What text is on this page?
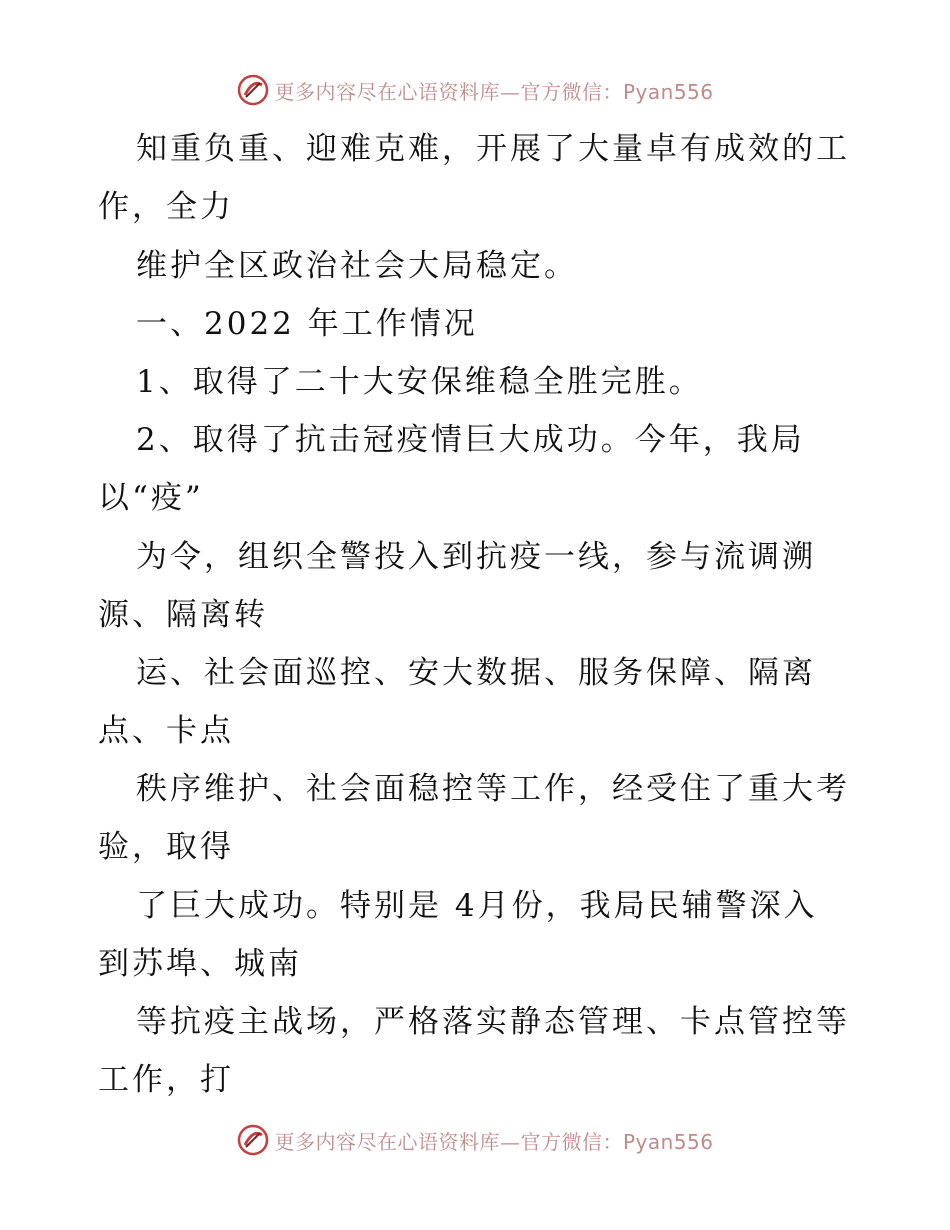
更多内容尽在心语资料库—官方微信：Pyan556
知重负重、迎难克难，开展了大量卓有成效的工
作，全力
维护全区政治社会大局稳定。
一、2022 年工作情况
1、取得了二十大安保维稳全胜完胜。
2、取得了抗击冠疫情巨大成功。今年，我局
以“疫”
为令，组织全警投入到抗疫一线，参与流调溯
源、隔离转
运、社会面巡控、安大数据、服务保障、隔离
点、卡点
秩序维护、社会面稳控等工作，经受住了重大考
验，取得
了巨大成功。特别是 4月份，我局民辅警深入
到苏埠、城南
等抗疫主战场，严格落实静态管理、卡点管控等
工作，打
更多内容尽在心语资料库—官方微信：Pyan556
